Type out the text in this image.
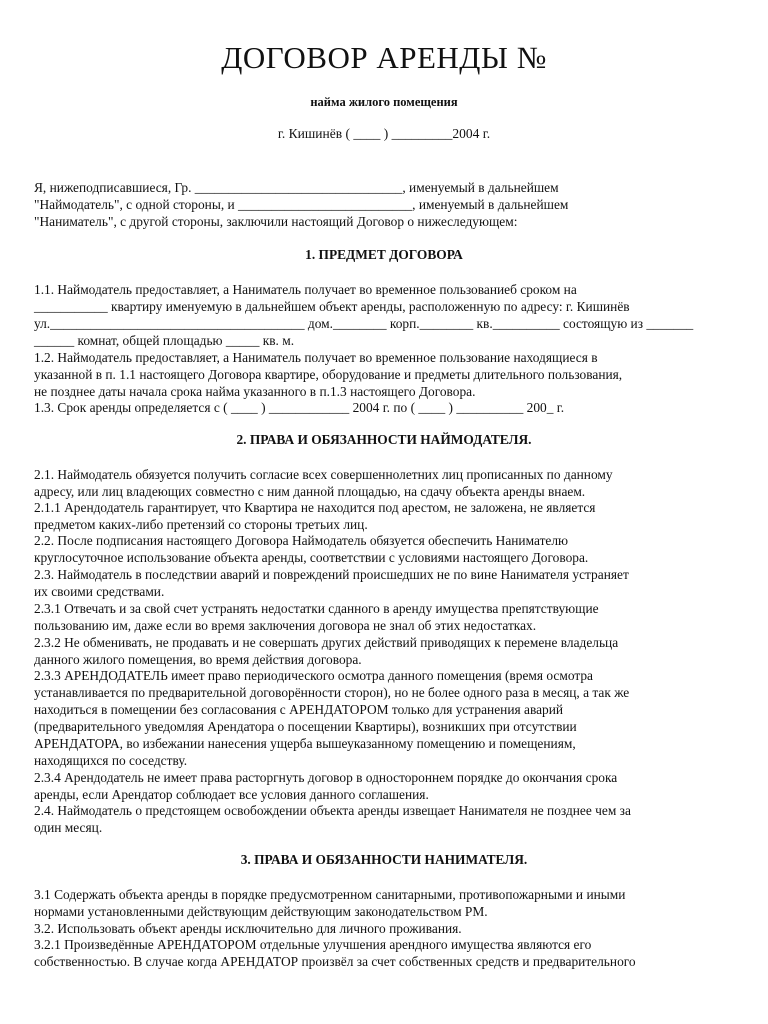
ДОГОВОР АРЕНДЫ №
найма жилого помещения
г. Кишинёв ( ____ ) _________2004 г.
Я, нижеподписавшиеся, Гр. _______________________________, именуемый в дальнейшем
"Наймодатель", с одной стороны, и __________________________, именуемый в дальнейшем
"Наниматель", с другой стороны, заключили настоящий Договор о нижеследующем:
1. ПРЕДМЕТ ДОГОВОРА
1.1. Наймодатель предоставляет, а Наниматель получает во временное пользованиеб сроком на
___________ квартиру именуемую в дальнейшем объект аренды, расположенную по адресу: г. Кишинёв
ул.______________________________________ дом.________ корп.________ кв.__________ состоящую из _______
______ комнат, общей площадью _____ кв. м.
1.2. Наймодатель предоставляет, а Наниматель получает во временное пользование находящиеся в
указанной в п. 1.1 настоящего Договора квартире, оборудование и предметы длительного пользования,
не позднее даты начала срока найма указанного в п.1.3 настоящего Договора.
1.3. Срок аренды определяется с ( ____ ) ____________ 2004 г. по ( ____ ) __________ 200_ г.
2. ПРАВА И ОБЯЗАННОСТИ НАЙМОДАТЕЛЯ.
2.1. Наймодатель обязуется получить согласие всех совершеннолетних лиц прописанных по данному
адресу, или лиц владеющих совместно с ним данной площадью, на сдачу объекта аренды внаем.
2.1.1 Арендодатель гарантирует, что Квартира не находится под арестом, не заложена, не является
предметом каких-либо претензий со стороны третьих лиц.
2.2. После подписания настоящего Договора Наймодатель обязуется обеспечить Нанимателю
круглосуточное использование объекта аренды, соответствии с условиями настоящего Договора.
2.3. Наймодатель в последствии аварий и повреждений происшедших не по вине Нанимателя устраняет
их своими средствами.
2.3.1 Отвечать и за свой счет устранять недостатки сданного в аренду имущества препятствующие
пользованию им, даже если во время заключения договора не знал об этих недостатках.
2.3.2 Не обменивать, не продавать и не совершать других действий приводящих к перемене владельца
данного жилого помещения, во время действия договора.
2.3.3 АРЕНДОДАТЕЛЬ имеет право периодического осмотра данного помещения (время осмотра
устанавливается по предварительной договорённости сторон), но не более одного раза в месяц, а так же
находиться в помещении без согласования с АРЕНДАТОРОМ только для устранения аварий
(предварительного уведомляя Арендатора о посещении Квартиры), возникших при отсутствии
АРЕНДАТОРА, во избежании нанесения ущерба вышеуказанному помещению и помещениям,
находящихся по соседству.
2.3.4 Арендодатель не имеет права расторгнуть договор в одностороннем порядке до окончания срока
аренды, если Арендатор соблюдает все условия данного соглашения.
2.4. Наймодатель о предстоящем освобождении объекта аренды извещает Нанимателя не позднее чем за
один месяц.
3. ПРАВА И ОБЯЗАННОСТИ НАНИМАТЕЛЯ.
3.1 Содержать объекта аренды в порядке предусмотренном санитарными, противопожарными и иными
нормами установленными действующим действующим законодательством РМ.
3.2. Использовать объект аренды исключительно для личного проживания.
3.2.1 Произведённые АРЕНДАТОРОМ отдельные улучшения арендного имущества являются его
собственностью. В случае когда АРЕНДАТОР произвёл за счет собственных средств и предварительного
